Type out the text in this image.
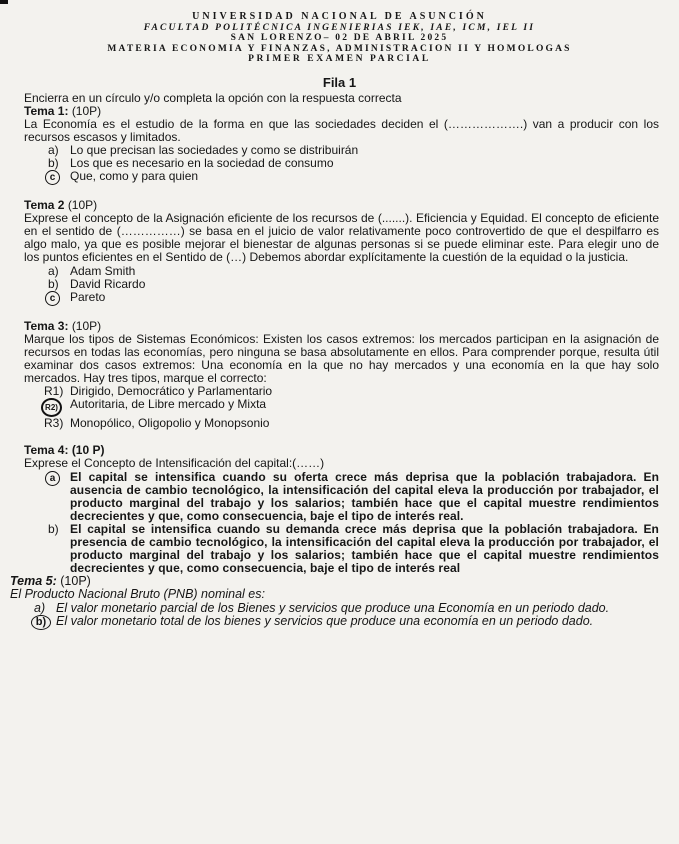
UNIVERSIDAD NACIONAL DE ASUNCIÓN
FACULTAD POLITÉCNICA INGENIERIAS IEK, IAE, ICM, IEL II
SAN LORENZO– 02 DE ABRIL 2025
MATERIA ECONOMIA Y FINANZAS, ADMINISTRACION II Y HOMOLOGAS
PRIMER EXAMEN PARCIAL
Fila 1
Encierra en un círculo y/o completa la opción con la respuesta correcta
Tema 1: (10P)
La Economía es el estudio de la forma en que las sociedades deciden el (……………….) van a producir con los recursos escasos y limitados.
a) Lo que precisan las sociedades y como se distribuirán
b) Los que es necesario en la sociedad de consumo
c	Que, como y para quien
Tema 2 (10P)
Exprese el concepto de la Asignación eficiente de los recursos de (.......). Eficiencia y Equidad. El concepto de eficiente en el sentido de (……………) se basa en el juicio de valor relativamente poco controvertido de que el despilfarro es algo malo, ya que es posible mejorar el bienestar de algunas personas si se puede eliminar este. Para elegir uno de los puntos eficientes en el Sentido de (…) Debemos abordar explícitamente la cuestión de la equidad o la justicia.
a) Adam Smith
b) David Ricardo
c	Pareto
Tema 3: (10P)
Marque los tipos de Sistemas Económicos: Existen los casos extremos: los mercados participan en la asignación de recursos en todas las economías, pero ninguna se basa absolutamente en ellos. Para comprender porque, resulta útil examinar dos casos extremos: Una economía en la que no hay mercados y una economía en la que hay solo mercados. Hay tres tipos, marque el correcto:
R1) Dirigido, Democrático y Parlamentario
R2)	Autoritaria, de Libre mercado y Mixta
R3) Monopólico, Oligopolio y Monopsonio
Tema 4: (10 P)
Exprese el Concepto de Intensificación del capital:(……)
a	El capital se intensifica cuando su oferta crece más deprisa que la población trabajadora. En ausencia de cambio tecnológico, la intensificación del capital eleva la producción por trabajador, el producto marginal del trabajo y los salarios; también hace que el capital muestre rendimientos decrecientes y que, como consecuencia, baje el tipo de interés real.
b) El capital se intensifica cuando su demanda crece más deprisa que la población trabajadora. En presencia de cambio tecnológico, la intensificación del capital eleva la producción por trabajador, el producto marginal del trabajo y los salarios; también hace que el capital muestre rendimientos decrecientes y que, como consecuencia, baje el tipo de interés real
Tema 5: (10P)
El Producto Nacional Bruto (PNB) nominal es:
a) El valor monetario parcial de los Bienes y servicios que produce una Economía en un periodo dado.
b) El valor monetario total de los bienes y servicios que produce una economía en un periodo dado.
